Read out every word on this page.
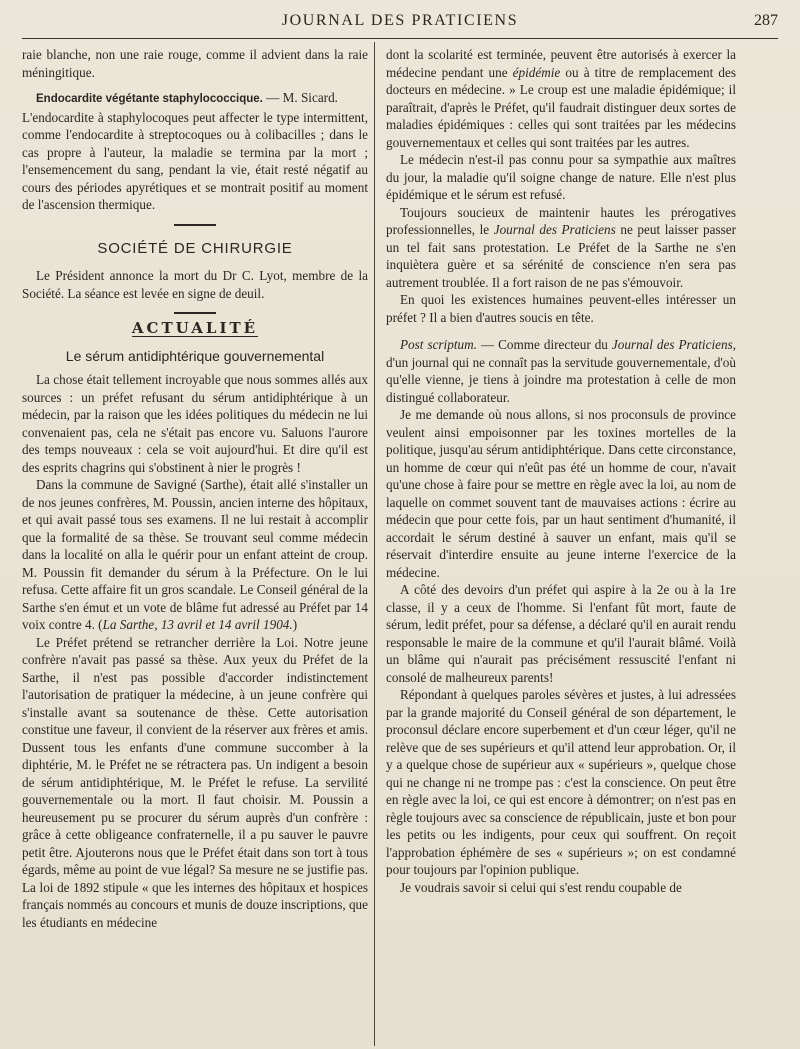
JOURNAL DES PRATICIENS	287

raie blanche, non une raie rouge, comme il advient dans la raie méningitique.

Endocardite végétante staphylococcique. — M. Sicard.

L'endocardite à staphylocoques peut affecter le type intermittent, comme l'endocardite à streptocoques ou à colibacilles ; dans le cas propre à l'auteur, la maladie se termina par la mort ; l'ensemencement du sang, pendant la vie, était resté négatif au cours des périodes apyrétiques et se montrait positif au moment de l'ascension thermique.

SOCIÉTÉ DE CHIRURGIE

Le Président annonce la mort du Dr C. Lyot, membre de la Société. La séance est levée en signe de deuil.

ACTUALITÉ
Le sérum antidiphtérique gouvernemental

La chose était tellement incroyable que nous sommes allés aux sources : un préfet refusant du sérum antidiphtérique à un médecin, par la raison que les idées politiques du médecin ne lui convenaient pas, cela ne s'était pas encore vu. Saluons l'aurore des temps nouveaux : cela se voit aujourd'hui. Et dire qu'il est des esprits chagrins qui s'obstinent à nier le progrès !

Dans la commune de Savigné (Sarthe), était allé s'installer un de nos jeunes confrères, M. Poussin, ancien interne des hôpitaux, et qui avait passé tous ses examens. Il ne lui restait à accomplir que la formalité de sa thèse. Se trouvant seul comme médecin dans la localité on alla le quérir pour un enfant atteint de croup. M. Poussin fit demander du sérum à la Préfecture. On le lui refusa. Cette affaire fit un gros scandale. Le Conseil général de la Sarthe s'en émut et un vote de blâme fut adressé au Préfet par 14 voix contre 4. (La Sarthe, 13 avril et 14 avril 1904.)

Le Préfet prétend se retrancher derrière la Loi. Notre jeune confrère n'avait pas passé sa thèse. Aux yeux du Préfet de la Sarthe, il n'est pas possible d'accorder indistinctement l'autorisation de pratiquer la médecine, à un jeune confrère qui s'installe avant sa soutenance de thèse. Cette autorisation constitue une faveur, il convient de la réserver aux frères et amis. Dussent tous les enfants d'une commune succomber à la diphtérie, M. le Préfet ne se rétractera pas. Un indigent a besoin de sérum antidiphtérique, M. le Préfet le refuse. La servilité gouvernementale ou la mort. Il faut choisir. M. Poussin a heureusement pu se procurer du sérum auprès d'un confrère : grâce à cette obligeance confraternelle, il a pu sauver le pauvre petit être. Ajouterons nous que le Préfet était dans son tort à tous égards, même au point de vue légal? Sa mesure ne se justifie pas. La loi de 1892 stipule « que les internes des hôpitaux et hospices français nommés au concours et munis de douze inscriptions, que les étudiants en médecine

dont la scolarité est terminée, peuvent être autorisés à exercer la médecine pendant une épidémie ou à titre de remplacement des docteurs en médecine. » Le croup est une maladie épidémique; il paraîtrait, d'après le Préfet, qu'il faudrait distinguer deux sortes de maladies épidémiques : celles qui sont traitées par les médecins gouvernementaux et celles qui sont traitées par les autres.

Le médecin n'est-il pas connu pour sa sympathie aux maîtres du jour, la maladie qu'il soigne change de nature. Elle n'est plus épidémique et le sérum est refusé.

Toujours soucieux de maintenir hautes les prérogatives professionnelles, le Journal des Praticiens ne peut laisser passer un tel fait sans protestation. Le Préfet de la Sarthe ne s'en inquiètera guère et sa sérénité de conscience n'en sera pas autrement troublée. Il a fort raison de ne pas s'émouvoir.

En quoi les existences humaines peuvent-elles intéresser un préfet ? Il a bien d'autres soucis en tête.

Post scriptum. — Comme directeur du Journal des Praticiens, d'un journal qui ne connaît pas la servitude gouvernementale, d'où qu'elle vienne, je tiens à joindre ma protestation à celle de mon distingué collaborateur.

Je me demande où nous allons, si nos proconsuls de province veulent ainsi empoisonner par les toxines mortelles de la politique, jusqu'au sérum antidiphtérique. Dans cette circonstance, un homme de cœur qui n'eût pas été un homme de cour, n'avait qu'une chose à faire pour se mettre en règle avec la loi, au nom de laquelle on commet souvent tant de mauvaises actions : écrire au médecin que pour cette fois, par un haut sentiment d'humanité, il accordait le sérum destiné à sauver un enfant, mais qu'il se réservait d'interdire ensuite au jeune interne l'exercice de la médecine.

A côté des devoirs d'un préfet qui aspire à la 2e ou à la 1re classe, il y a ceux de l'homme. Si l'enfant fût mort, faute de sérum, ledit préfet, pour sa défense, a déclaré qu'il en aurait rendu responsable le maire de la commune et qu'il l'aurait blâmé. Voilà un blâme qui n'aurait pas précisément ressuscité l'enfant ni consolé de malheureux parents!

Répondant à quelques paroles sévères et justes, à lui adressées par la grande majorité du Conseil général de son département, le proconsul déclare encore superbement et d'un cœur léger, qu'il ne relève que de ses supérieurs et qu'il attend leur approbation. Or, il y a quelque chose de supérieur aux « supérieurs », quelque chose qui ne change ni ne trompe pas : c'est la conscience. On peut être en règle avec la loi, ce qui est encore à démontrer; on n'est pas en règle toujours avec sa conscience de républicain, juste et bon pour les petits ou les indigents, pour ceux qui souffrent. On reçoit l'approbation éphémère de ses « supérieurs »; on est condamné pour toujours par l'opinion publique.

Je voudrais savoir si celui qui s'est rendu coupable de
